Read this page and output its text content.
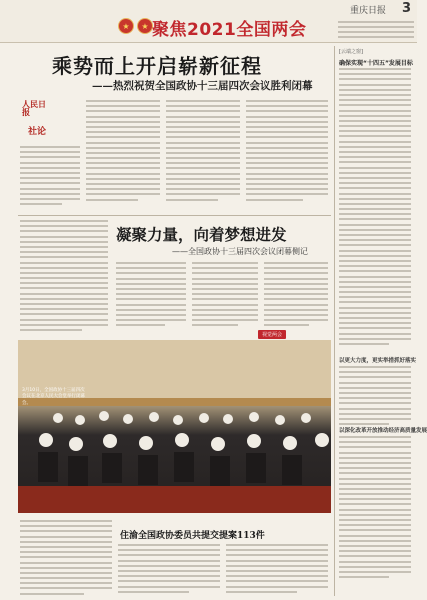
★	★ 聚焦2021全国两会
重庆日报 3
乘势而上开启崭新征程
——热烈祝贺全国政协十三届四次会议胜利闭幕
人民日报
社论
凝聚力量，向着梦想进发
——全国政协十三届四次会议闭幕侧记
视觉两会
3月10日，全国政协十三届四次会议在北京人民大会堂举行闭幕会。
住渝全国政协委员共提交提案113件
[云端之窗]
确保实现“十四五”发展目标
以更大力度，更实举措抓好落实
以深化改革开放推动经济高质量发展
